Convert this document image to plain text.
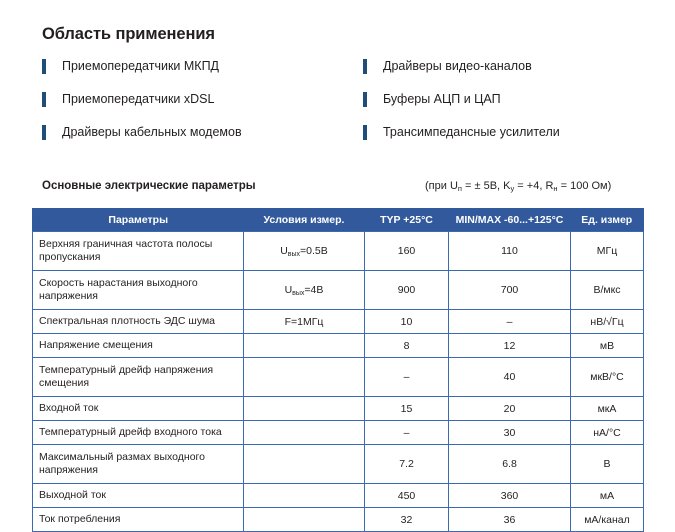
Область применения
Приемопередатчики МКПД
Приемопередатчики xDSL
Драйверы кабельных модемов
Драйверы видео-каналов
Буферы АЦП и ЦАП
Трансимпедансные усилители
Основные электрические параметры	(при $U_п$ = ± 5В, $K_у = +4$, $R_н = 100$ Ом)
Параметры	Условия измер.	TYP +25°C	MIN/MAX -60...+125°C	Ед. измер
Верхняя граничная частота полосы пропускания	$U_{вых}=0.5В$	160	110	МГц
Скорость нарастания выходного напряжения	$U_{вых}=4В$	900	700	В/мкс
Спектральная плотность ЭДС шума	F=1МГц	10	–	нВ/√Гц
Напряжение смещения		8	12	мВ
Температурный дрейф напряжения смещения		–	40	мкВ/°C
Входной ток		15	20	мкА
Температурный дрейф входного тока		–	30	нА/°C
Максимальный размах выходного напряжения		7.2	6.8	В
Выходной ток		450	360	мА
Ток потребления		32	36	мА/канал
